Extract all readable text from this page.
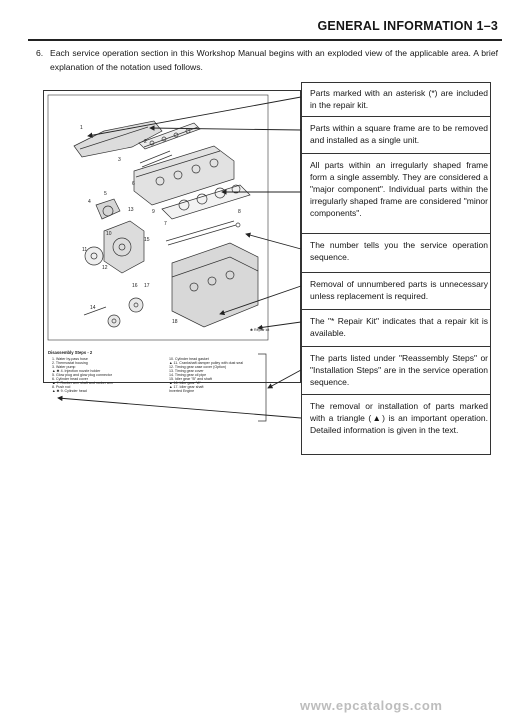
GENERAL INFORMATION 1–3
6. Each service operation section in this Workshop Manual begins with an exploded view of the applicable area. A brief explanation of the notation used follows.
1
2
3
4
5
6
7
8
9
10
11
12
13
14
15
16 17
18
✱ Repair kit
Disassembly Steps - 2
1. Water by-pass hose
2. Thermostat housing
3. Water pump
▲ ✱ 4. Injection nozzle holder
5. Glow plug and glow plug connector
6. Cylinder head cover
▲ 7. Rocker arm shaft and rocker arm
8. Push rod
▲ ✱ 9. Cylinder head
10. Cylinder head gasket
▲ 11. Crankshaft damper pulley with dust seal
12. Timing gear case cover (Option)
13. Timing gear cover
14. Timing gear oil pipe
15. Idler gear "B" and shaft
▲ 16. Idler gear "A"
▲ 17. Idler gear shaft
Inverted Engine
Parts marked with an asterisk (*) are included in the repair kit.
Parts within a square frame are to be removed and installed as a single unit.
All parts within an irregularly shaped frame form a single assembly. They are considered a "major component". Individual parts within the irregularly shaped frame are considered "minor components".
The number tells you the service operation sequence.
Removal of unnumbered parts is unnecessary unless replacement is required.
The "* Repair Kit" indicates that a repair kit is available.
The parts listed under "Reassembly Steps" or "Installation Steps" are in the service operation sequence.
The removal or installation of parts marked with a triangle (▲) is an important operation. Detailed information is given in the text.
www.epcatalogs.com
